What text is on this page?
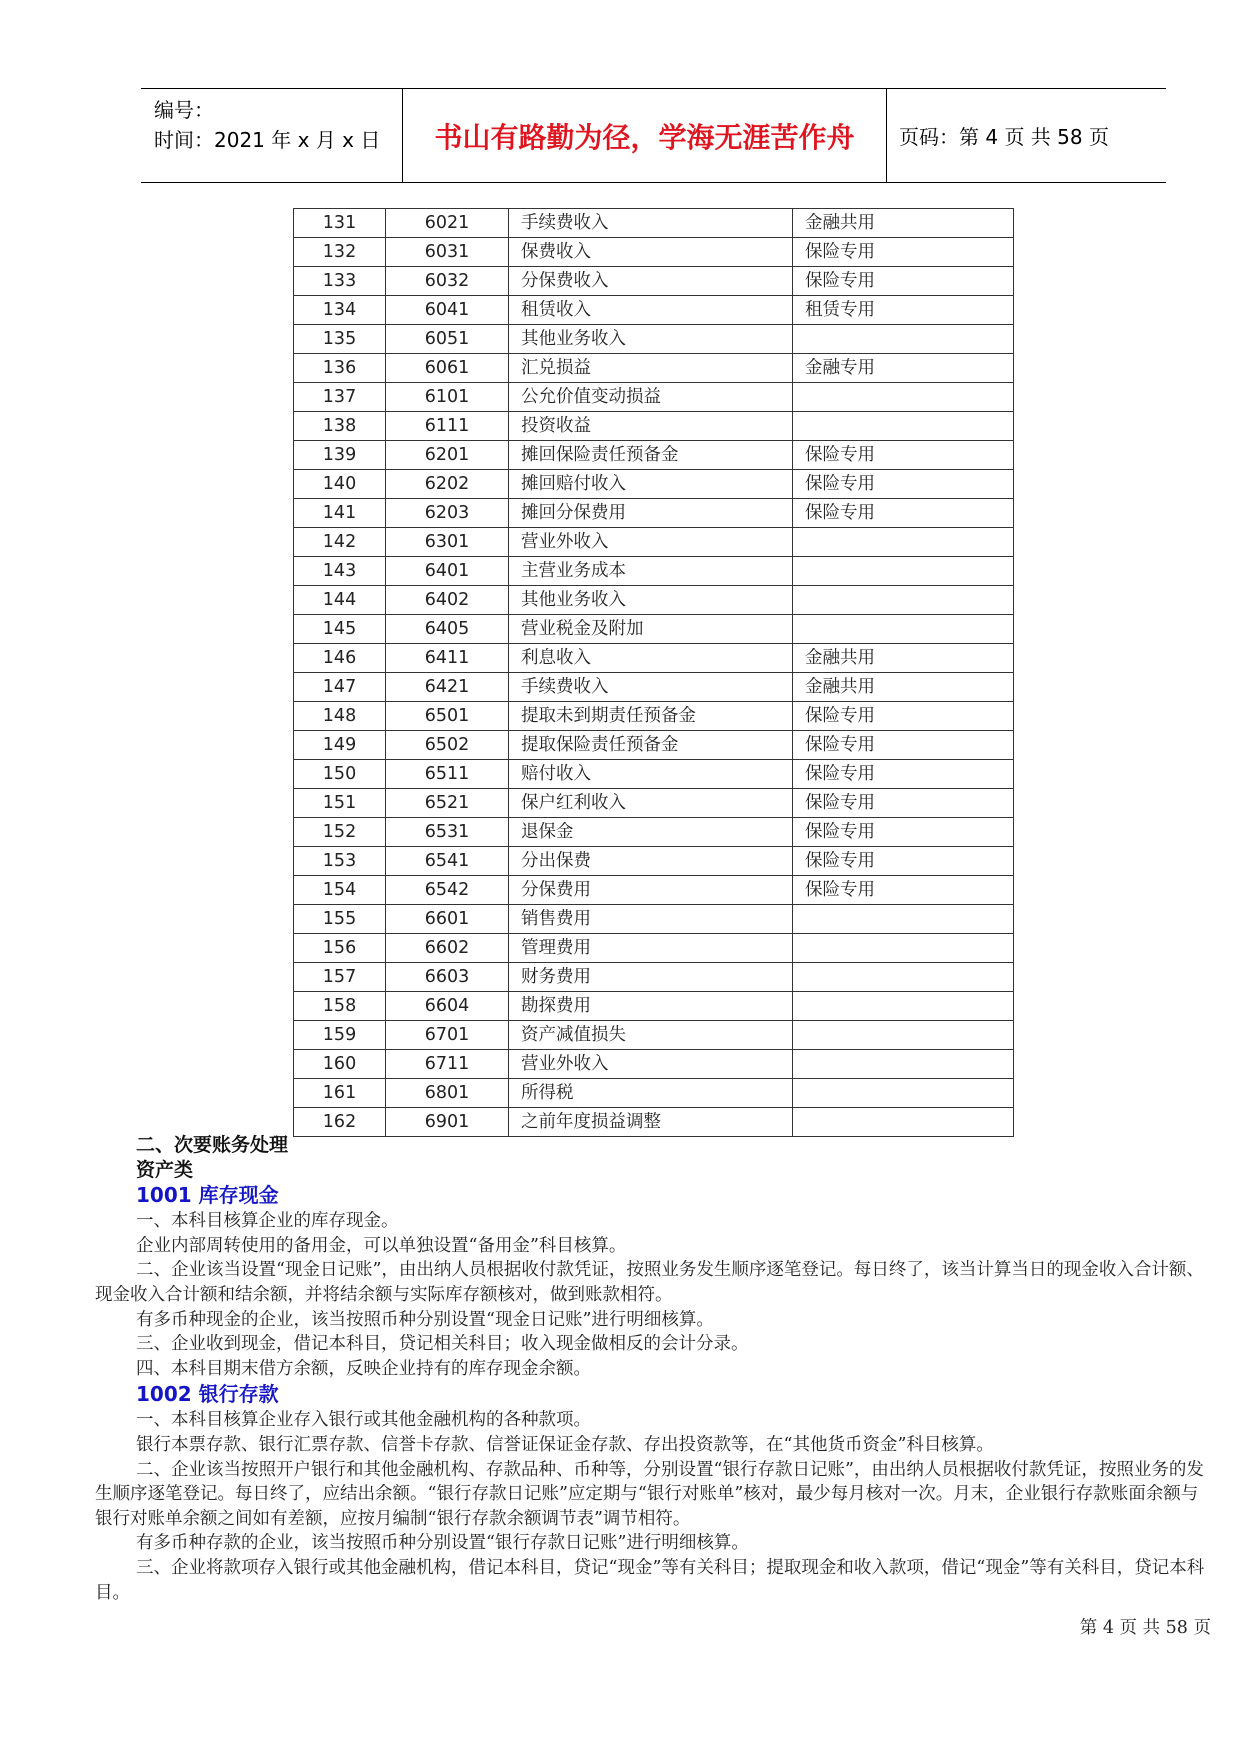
编号：
时间：2021 年 x 月 x 日	书山有路勤为径，学海无涯苦作舟	页码：第 4 页 共 58 页
131	6021	手续费收入	金融共用
132	6031	保费收入	保险专用
133	6032	分保费收入	保险专用
134	6041	租赁收入	租赁专用
135	6051	其他业务收入	
136	6061	汇兑损益	金融专用
137	6101	公允价值变动损益	
138	6111	投资收益	
139	6201	摊回保险责任预备金	保险专用
140	6202	摊回赔付收入	保险专用
141	6203	摊回分保费用	保险专用
142	6301	营业外收入	
143	6401	主营业务成本	
144	6402	其他业务收入	
145	6405	营业税金及附加	
146	6411	利息收入	金融共用
147	6421	手续费收入	金融共用
148	6501	提取未到期责任预备金	保险专用
149	6502	提取保险责任预备金	保险专用
150	6511	赔付收入	保险专用
151	6521	保户红利收入	保险专用
152	6531	退保金	保险专用
153	6541	分出保费	保险专用
154	6542	分保费用	保险专用
155	6601	销售费用	
156	6602	管理费用	
157	6603	财务费用	
158	6604	勘探费用	
159	6701	资产减值损失	
160	6711	营业外收入	
161	6801	所得税	
162	6901	之前年度损益调整	

二、次要账务处理

资产类

1001 库存现金

一、本科目核算企业的库存现金。

企业内部周转使用的备用金，可以单独设置“备用金”科目核算。

二、企业该当设置“现金日记账”，由出纳人员根据收付款凭证，按照业务发生顺序逐笔登记。每日终了，该当计算当日的现金收入合计额、现金收入合计额和结余额，并将结余额与实际库存额核对，做到账款相符。

有多币种现金的企业，该当按照币种分别设置“现金日记账”进行明细核算。

三、企业收到现金，借记本科目，贷记相关科目；收入现金做相反的会计分录。

四、本科目期末借方余额，反映企业持有的库存现金余额。

1002 银行存款

一、本科目核算企业存入银行或其他金融机构的各种款项。

银行本票存款、银行汇票存款、信誉卡存款、信誉证保证金存款、存出投资款等，在“其他货币资金”科目核算。

二、企业该当按照开户银行和其他金融机构、存款品种、币种等，分别设置“银行存款日记账”，由出纳人员根据收付款凭证，按照业务的发生顺序逐笔登记。每日终了，应结出余额。“银行存款日记账”应定期与“银行对账单”核对，最少每月核对一次。月末，企业银行存款账面余额与银行对账单余额之间如有差额，应按月编制“银行存款余额调节表”调节相符。

有多币种存款的企业，该当按照币种分别设置“银行存款日记账”进行明细核算。

三、企业将款项存入银行或其他金融机构，借记本科目，贷记“现金”等有关科目；提取现金和收入款项，借记“现金”等有关科目，贷记本科目。

第 4 页 共 58 页
